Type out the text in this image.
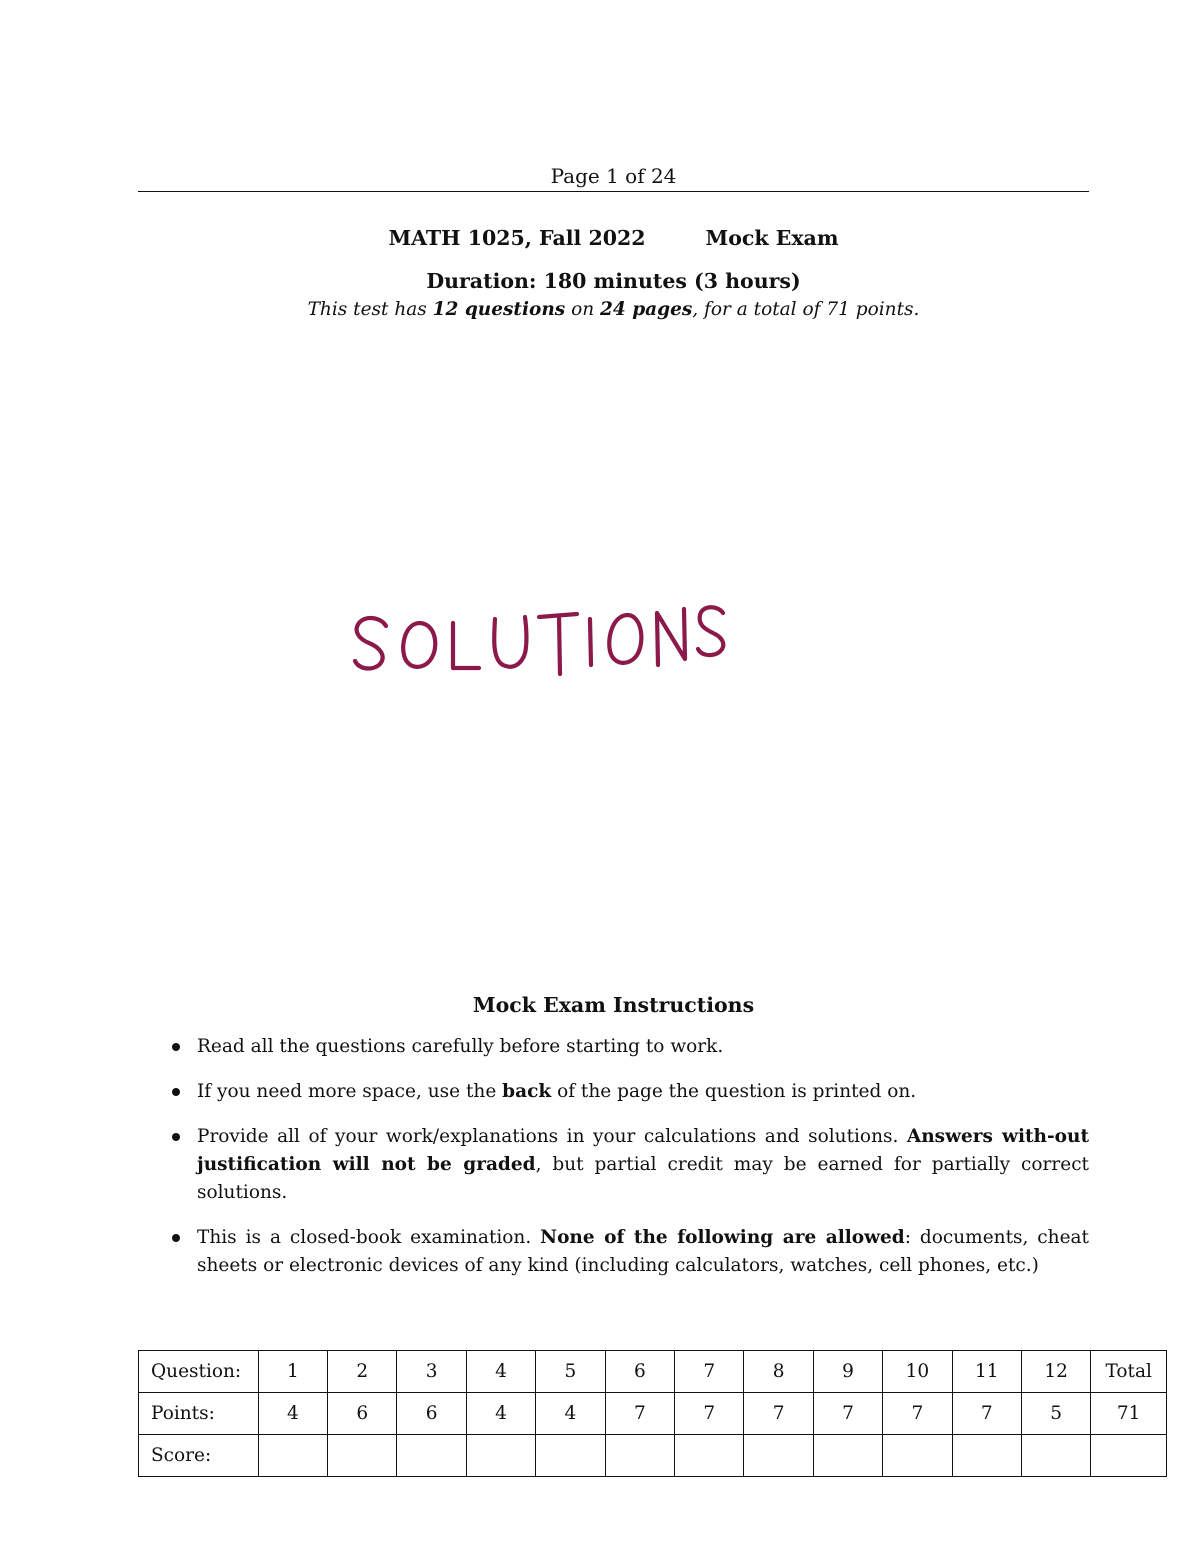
Page 1 of 24
MATH 1025, Fall 2022	Mock Exam
Duration: 180 minutes (3 hours)
This test has 12 questions on 24 pages, for a total of 71 points.
Mock Exam Instructions
Read all the questions carefully before starting to work.
If you need more space, use the back of the page the question is printed on.
Provide all of your work/explanations in your calculations and solutions. Answers with-out justification will not be graded, but partial credit may be earned for partially correct solutions.
This is a closed-book examination. None of the following are allowed: documents, cheat sheets or electronic devices of any kind (including calculators, watches, cell phones, etc.)
Question:	1	2	3	4	5	6	7	8	9	10	11	12	Total
Points:	4	6	6	4	4	7	7	7	7	7	7	5	71
Score:													
